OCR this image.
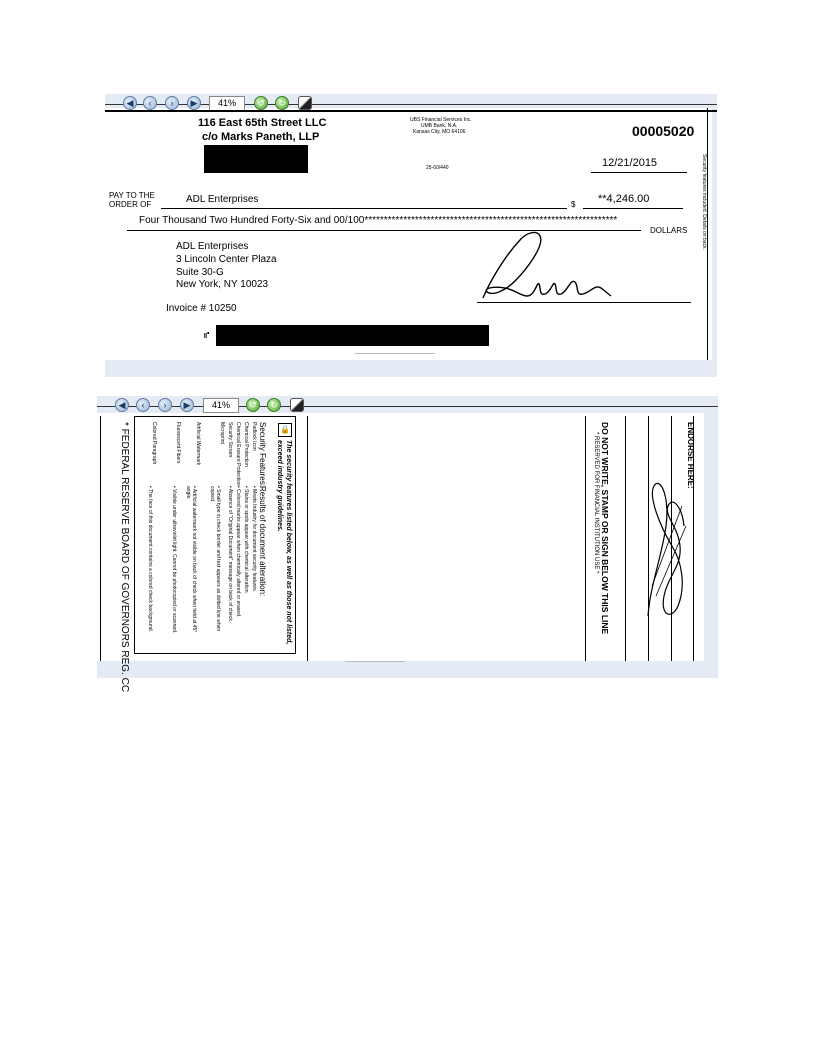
◀	‹	›	▶	41%	↺	↻
116 East 65th Street LLC
c/o Marks Paneth, LLP
UBS Financial Services Inc.
UMB Bank, N.A.
Kansas City, MO 64106	00005020
25-60/440	12/21/2015
PAY TO THE
ORDER OF	ADL Enterprises	$ **4,246.00
Four Thousand Two Hundred Forty-Six and 00/100*****************************************************************
DOLLARS
ADL Enterprises
3 Lincoln Center Plaza
Suite 30-G
New York, NY 10023
Invoice # 10250
Security features included. Details on back.
⑈
◀	‹	›	▶	41%	↺	↻
* FEDERAL RESERVE BOARD OF GOVERNORS REG. CC	🔒
The security features listed below, as well as those not listed, exceed industry guidelines.
Security Features:
Results of document alteration:
Padlock Icon
• Meets Industry for document security features.
Chemical Protection
• Stains or spots appear with chemical alteration.
Chemical Erasure Protection
• Colored marks appear when chemically altered or erased.
Security Screen
• Absence of "Original Document" message on back of check.
Microprint
• Small type in check border and text appears as dotted line when copied.
Artificial Watermark
• Artificial watermark not visible on back of check when held at 45° angle.
Fluorescent Fibers
• Visible under ultraviolet light. Cannot be photocopied or scanned.
Colored Paragraph
• The face of this document contains a colored check background.	DO NOT WRITE, STAMP OR SIGN BELOW THIS LINE
* RESERVED FOR FINANCIAL INSTITUTION USE *	ENDORSE HERE:
